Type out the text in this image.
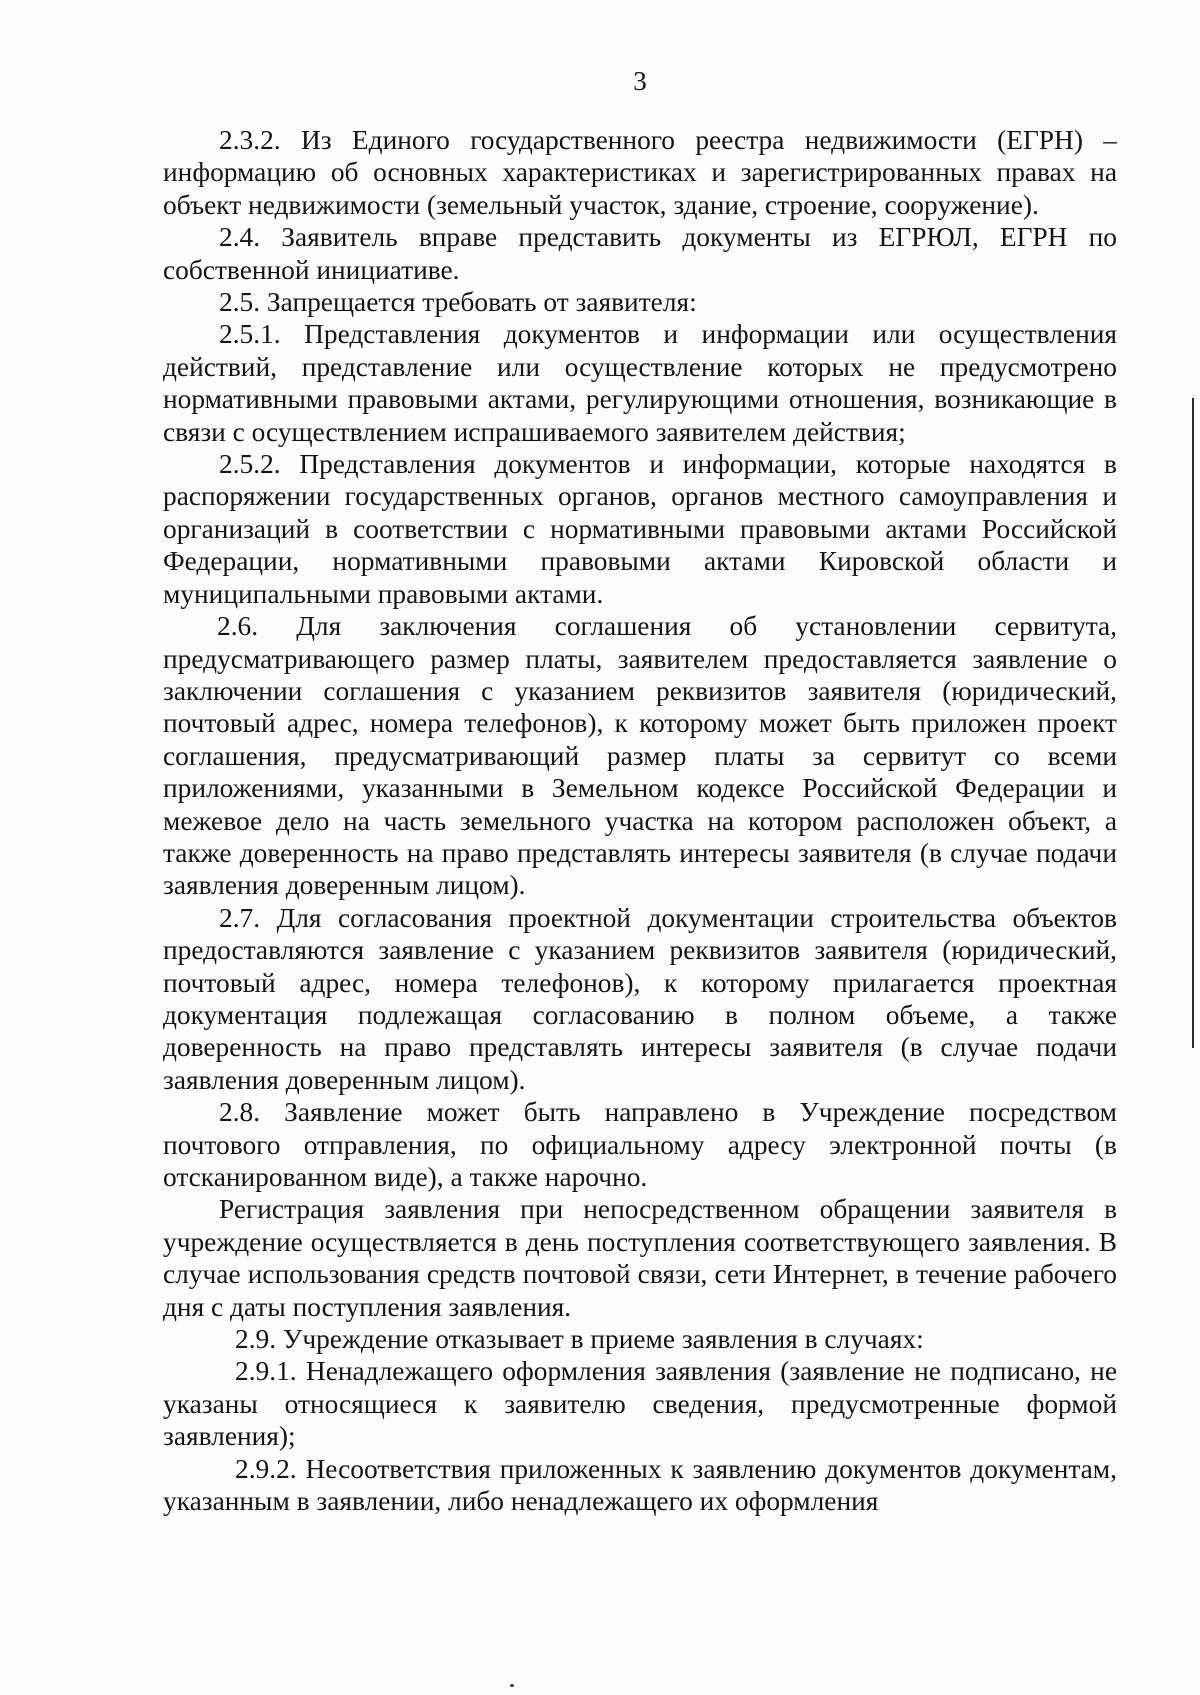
3

2.3.2. Из Единого государственного реестра недвижимости (ЕГРН) – информацию об основных характеристиках и зарегистрированных правах на объект недвижимости (земельный участок, здание, строение, сооружение).

2.4. Заявитель вправе представить документы из ЕГРЮЛ, ЕГРН по собственной инициативе.

2.5. Запрещается требовать от заявителя:

2.5.1. Представления документов и информации или осуществления действий, представление или осуществление которых не предусмотрено нормативными правовыми актами, регулирующими отношения, возникающие в связи с осуществлением испрашиваемого заявителем действия;

2.5.2. Представления документов и информации, которые находятся в распоряжении государственных органов, органов местного самоуправления и организаций в соответствии с нормативными правовыми актами Российской Федерации, нормативными правовыми актами Кировской области и муниципальными правовыми актами.

2.6. Для заключения соглашения об установлении сервитута, предусматривающего размер платы, заявителем предоставляется заявление о заключении соглашения с указанием реквизитов заявителя (юридический, почтовый адрес, номера телефонов), к которому может быть приложен проект соглашения, предусматривающий размер платы за сервитут со всеми приложениями, указанными в Земельном кодексе Российской Федерации и межевое дело на часть земельного участка на котором расположен объект, а также доверенность на право представлять интересы заявителя (в случае подачи заявления доверенным лицом).

2.7. Для согласования проектной документации строительства объектов предоставляются заявление с указанием реквизитов заявителя (юридический, почтовый адрес, номера телефонов), к которому прилагается проектная документация подлежащая согласованию в полном объеме, а также доверенность на право представлять интересы заявителя (в случае подачи заявления доверенным лицом).

2.8. Заявление может быть направлено в Учреждение посредством почтового отправления, по официальному адресу электронной почты (в отсканированном виде), а также нарочно.

Регистрация заявления при непосредственном обращении заявителя в учреждение осуществляется в день поступления соответствующего заявления. В случае использования средств почтовой связи, сети Интернет, в течение рабочего дня с даты поступления заявления.

2.9. Учреждение отказывает в приеме заявления в случаях:

2.9.1. Ненадлежащего оформления заявления (заявление не подписано, не указаны относящиеся к заявителю сведения, предусмотренные формой заявления);

2.9.2. Несоответствия приложенных к заявлению документов документам, указанным в заявлении, либо ненадлежащего их оформления
